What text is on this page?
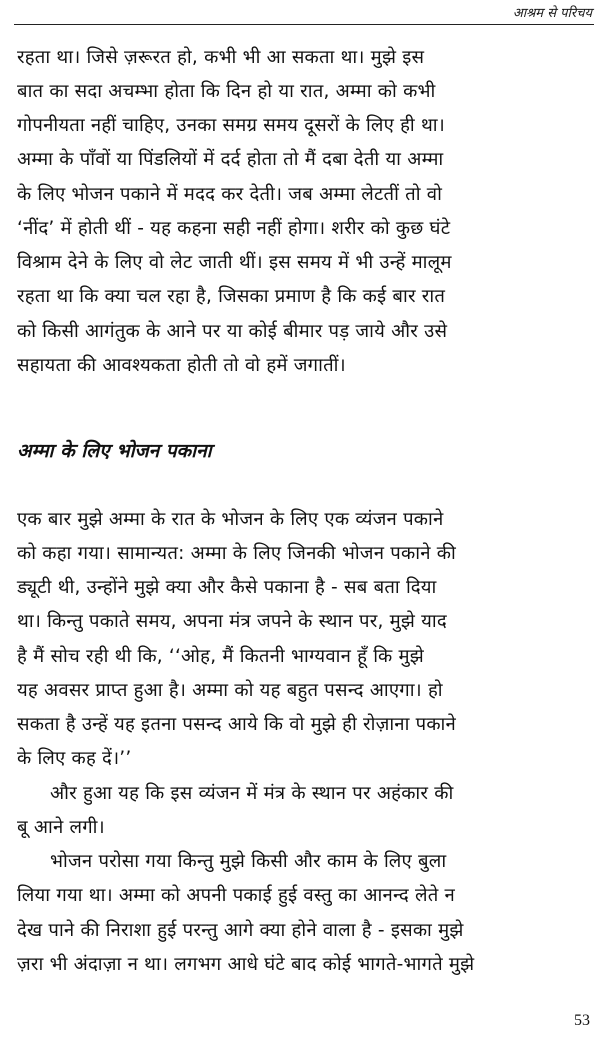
आश्रम से परिचय
रहता था। जिसे ज़रूरत हो, कभी भी आ सकता था। मुझे इस
बात का सदा अचम्भा होता कि दिन हो या रात, अम्मा को कभी
गोपनीयता नहीं चाहिए, उनका समग्र समय दूसरों के लिए ही था।
अम्मा के पाँवों या पिंडलियों में दर्द होता तो मैं दबा देती या अम्मा
के लिए भोजन पकाने में मदद कर देती। जब अम्मा लेटतीं तो वो
‘नींद’ में होती थीं - यह कहना सही नहीं होगा। शरीर को कुछ घंटे
विश्राम देने के लिए वो लेट जाती थीं। इस समय में भी उन्हें मालूम
रहता था कि क्या चल रहा है, जिसका प्रमाण है कि कई बार रात
को किसी आगंतुक के आने पर या कोई बीमार पड़ जाये और उसे
सहायता की आवश्यकता होती तो वो हमें जगातीं।
अम्मा के लिए भोजन पकाना
एक बार मुझे अम्मा के रात के भोजन के लिए एक व्यंजन पकाने
को कहा गया। सामान्यत: अम्मा के लिए जिनकी भोजन पकाने की
ड्यूटी थी, उन्होंने मुझे क्या और कैसे पकाना है - सब बता दिया
था। किन्तु पकाते समय, अपना मंत्र जपने के स्थान पर, मुझे याद
है मैं सोच रही थी कि, ‘‘ओह, मैं कितनी भाग्यवान हूँ कि मुझे
यह अवसर प्राप्त हुआ है। अम्मा को यह बहुत पसन्द आएगा। हो
सकता है उन्हें यह इतना पसन्द आये कि वो मुझे ही रोज़ाना पकाने
के लिए कह दें।’’
और हुआ यह कि इस व्यंजन में मंत्र के स्थान पर अहंकार की
बू आने लगी।
भोजन परोसा गया किन्तु मुझे किसी और काम के लिए बुला
लिया गया था। अम्मा को अपनी पकाई हुई वस्तु का आनन्द लेते न
देख पाने की निराशा हुई परन्तु आगे क्या होने वाला है - इसका मुझे
ज़रा भी अंदाज़ा न था। लगभग आधे घंटे बाद कोई भागते-भागते मुझे
53
